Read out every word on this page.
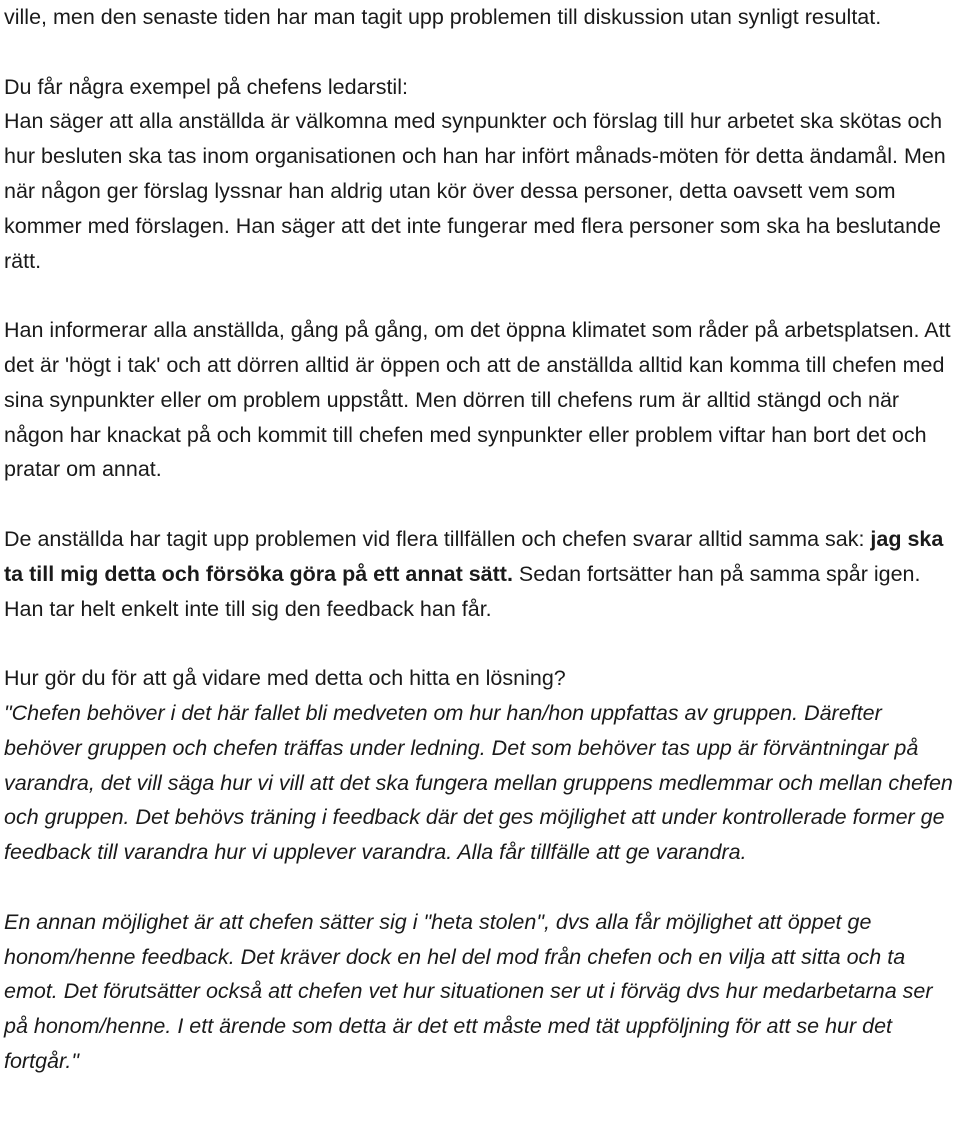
ville, men den senaste tiden har man tagit upp problemen till diskussion utan synligt resultat.

Du får några exempel på chefens ledarstil:

Han säger att alla anställda är välkomna med synpunkter och förslag till hur arbetet ska skötas och hur besluten ska tas inom organisationen och han har infört månads-möten för detta ändamål. Men när någon ger förslag lyssnar han aldrig utan kör över dessa personer, detta oavsett vem som kommer med förslagen. Han säger att det inte fungerar med flera personer som ska ha beslutande rätt.

Han informerar alla anställda, gång på gång, om det öppna klimatet som råder på arbetsplatsen. Att det är 'högt i tak' och att dörren alltid är öppen och att de anställda alltid kan komma till chefen med sina synpunkter eller om problem uppstått. Men dörren till chefens rum är alltid stängd och när någon har knackat på och kommit till chefen med synpunkter eller problem viftar han bort det och pratar om annat.

De anställda har tagit upp problemen vid flera tillfällen och chefen svarar alltid samma sak: jag ska ta till mig detta och försöka göra på ett annat sätt. Sedan fortsätter han på samma spår igen. Han tar helt enkelt inte till sig den feedback han får.

Hur gör du för att gå vidare med detta och hitta en lösning?

"Chefen behöver i det här fallet bli medveten om hur han/hon uppfattas av gruppen. Därefter behöver gruppen och chefen träffas under ledning. Det som behöver tas upp är förväntningar på varandra, det vill säga hur vi vill att det ska fungera mellan gruppens medlemmar och mellan chefen och gruppen. Det behövs träning i feedback där det ges möjlighet att under kontrollerade former ge feedback till varandra hur vi upplever varandra. Alla får tillfälle att ge varandra.

En annan möjlighet är att chefen sätter sig i "heta stolen", dvs alla får möjlighet att öppet ge honom/henne feedback. Det kräver dock en hel del mod från chefen och en vilja att sitta och ta emot. Det förutsätter också att chefen vet hur situationen ser ut i förväg dvs hur medarbetarna ser på honom/henne. I ett ärende som detta är det ett måste med tät uppföljning för att se hur det fortgår."
